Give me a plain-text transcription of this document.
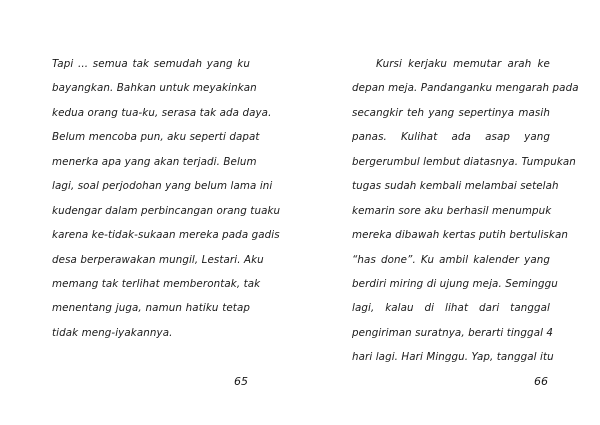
Tapi ... semua tak semudah yang ku
bayangkan. Bahkan untuk meyakinkan
kedua orang tua-ku, serasa tak ada daya.
Belum mencoba pun, aku seperti dapat
menerka apa yang akan terjadi. Belum
lagi, soal perjodohan yang belum lama ini
kudengar dalam perbincangan orang tuaku
karena ke-tidak-sukaan mereka pada gadis
desa berperawakan mungil, Lestari. Aku
memang tak terlihat memberontak, tak
menentang juga, namun hatiku tetap
tidak meng-iyakannya.
65
Kursi kerjaku memutar arah ke
depan meja. Pandanganku mengarah pada
secangkir teh yang sepertinya masih
panas. Kulihat ada asap yang
bergerumbul lembut diatasnya. Tumpukan
tugas sudah kembali melambai setelah
kemarin sore aku berhasil menumpuk
mereka dibawah kertas putih bertuliskan
“has done”. Ku ambil kalender yang
berdiri miring di ujung meja. Seminggu
lagi, kalau di lihat dari tanggal
pengiriman suratnya, berarti tinggal 4
hari lagi. Hari Minggu. Yap, tanggal itu
66
